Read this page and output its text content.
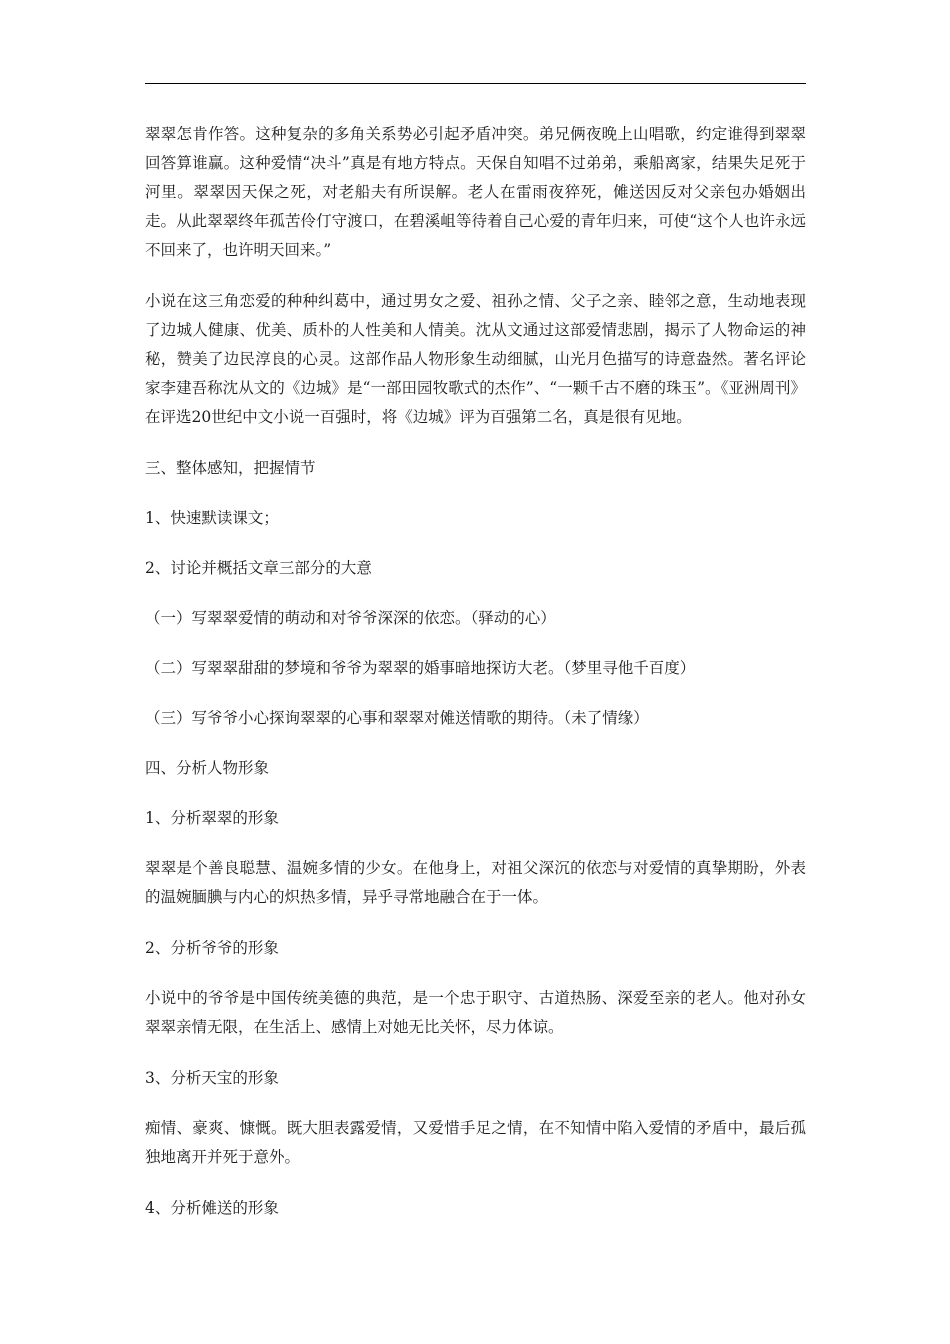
翠翠怎肯作答。这种复杂的多角关系势必引起矛盾冲突。弟兄俩夜晚上山唱歌，约定谁得到翠翠回答算谁赢。这种爱情“决斗”真是有地方特点。天保自知唱不过弟弟，乘船离家，结果失足死于河里。翠翠因天保之死，对老船夫有所误解。老人在雷雨夜猝死，傩送因反对父亲包办婚姻出走。从此翠翠终年孤苦伶仃守渡口，在碧溪岨等待着自己心爱的青年归来，可使“这个人也许永远不回来了，也许明天回来。”

小说在这三角恋爱的种种纠葛中，通过男女之爱、祖孙之情、父子之亲、睦邻之意，生动地表现了边城人健康、优美、质朴的人性美和人情美。沈从文通过这部爱情悲剧，揭示了人物命运的神秘，赞美了边民淳良的心灵。这部作品人物形象生动细腻，山光月色描写的诗意盎然。著名评论家李建吾称沈从文的《边城》是“一部田园牧歌式的杰作”、“一颗千古不磨的珠玉”。《亚洲周刊》在评选20世纪中文小说一百强时，将《边城》评为百强第二名，真是很有见地。

三、整体感知，把握情节

1、快速默读课文；

2、讨论并概括文章三部分的大意

（一）写翠翠爱情的萌动和对爷爷深深的依恋。（驿动的心）

（二）写翠翠甜甜的梦境和爷爷为翠翠的婚事暗地探访大老。（梦里寻他千百度）

（三）写爷爷小心探询翠翠的心事和翠翠对傩送情歌的期待。（未了情缘）

四、分析人物形象

1、分析翠翠的形象

翠翠是个善良聪慧、温婉多情的少女。在他身上，对祖父深沉的依恋与对爱情的真挚期盼，外表的温婉腼腆与内心的炽热多情，异乎寻常地融合在于一体。

2、分析爷爷的形象

小说中的爷爷是中国传统美德的典范，是一个忠于职守、古道热肠、深爱至亲的老人。他对孙女翠翠亲情无限，在生活上、感情上对她无比关怀，尽力体谅。

3、分析天宝的形象

痴情、豪爽、慷慨。既大胆表露爱情，又爱惜手足之情，在不知情中陷入爱情的矛盾中，最后孤独地离开并死于意外。

4、分析傩送的形象
